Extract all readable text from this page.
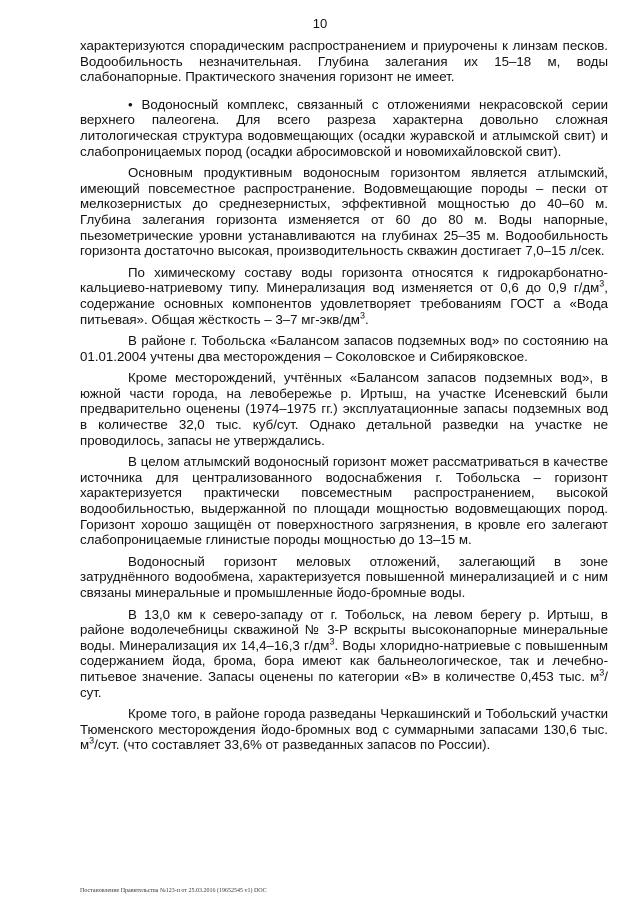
10

характеризуются спорадическим распространением и приурочены к линзам песков. Водообильность незначительная. Глубина залегания их 15–18 м, воды слабонапорные. Практического значения горизонт не имеет.

• Водоносный комплекс, связанный с отложениями некрасовской серии верхнего палеогена. Для всего разреза характерна довольно сложная литологическая структура водовмещающих (осадки журавской и атлымской свит) и слабопроницаемых пород (осадки абросимовской и новомихайловской свит).

Основным продуктивным водоносным горизонтом является атлымский, имеющий повсеместное распространение. Водовмещающие породы – пески от мелкозернистых до среднезернистых, эффективной мощностью до 40–60 м. Глубина залегания горизонта изменяется от 60 до 80 м. Воды напорные, пьезометрические уровни устанавливаются на глубинах 25–35 м. Водообильность горизонта достаточно высокая, производительность скважин достигает 7,0–15 л/сек.

По химическому составу воды горизонта относятся к гидрокарбонатно-кальциево-натриевому типу. Минерализация вод изменяется от 0,6 до 0,9 $г/дм^3$, содержание основных компонентов удовлетворяет требованиям ГОСТ а «Вода питьевая». Общая жёсткость – 3–7 $мг-экв/дм^3$.

В районе г. Тобольска «Балансом запасов подземных вод» по состоянию на 01.01.2004 учтены два месторождения – Соколовское и Сибиряковское.

Кроме месторождений, учтённых «Балансом запасов подземных вод», в южной части города, на левобережье р. Иртыш, на участке Исеневский были предварительно оценены (1974–1975 гг.) эксплуатационные запасы подземных вод в количестве 32,0 тыс. куб/сут. Однако детальной разведки на участке не проводилось, запасы не утверждались.

В целом атлымский водоносный горизонт может рассматриваться в качестве источника для централизованного водоснабжения г. Тобольска – горизонт характеризуется практически повсеместным распространением, высокой водообильностью, выдержанной по площади мощностью водовмещающих пород. Горизонт хорошо защищён от поверхностного загрязнения, в кровле его залегают слабопроницаемые глинистые породы мощностью до 13–15 м.

Водоносный горизонт меловых отложений, залегающий в зоне затруднённого водообмена, характеризуется повышенной минерализацией и с ним связаны минеральные и промышленные йодо-бромные воды.

В 13,0 км к северо-западу от г. Тобольск, на левом берегу р. Иртыш, в районе водолечебницы скважиной № 3-Р вскрыты высоконапорные минеральные воды. Минерализация их 14,4–16,3 $г/дм^3$. Воды хлоридно-натриевые с повышенным содержанием йода, брома, бора имеют как бальнеологическое, так и лечебно-питьевое значение. Запасы оценены по категории «В» в количестве 0,453 тыс. $м^3$/сут.

Кроме того, в районе города разведаны Черкашинский и Тобольский участки Тюменского месторождения йодо-бромных вод с суммарными запасами 130,6 тыс. $м^3$/сут. (что составляет 33,6% от разведанных запасов по России).

Постановление Правительства №123-п от 25.03.2016 (19652545 v1) DOC
